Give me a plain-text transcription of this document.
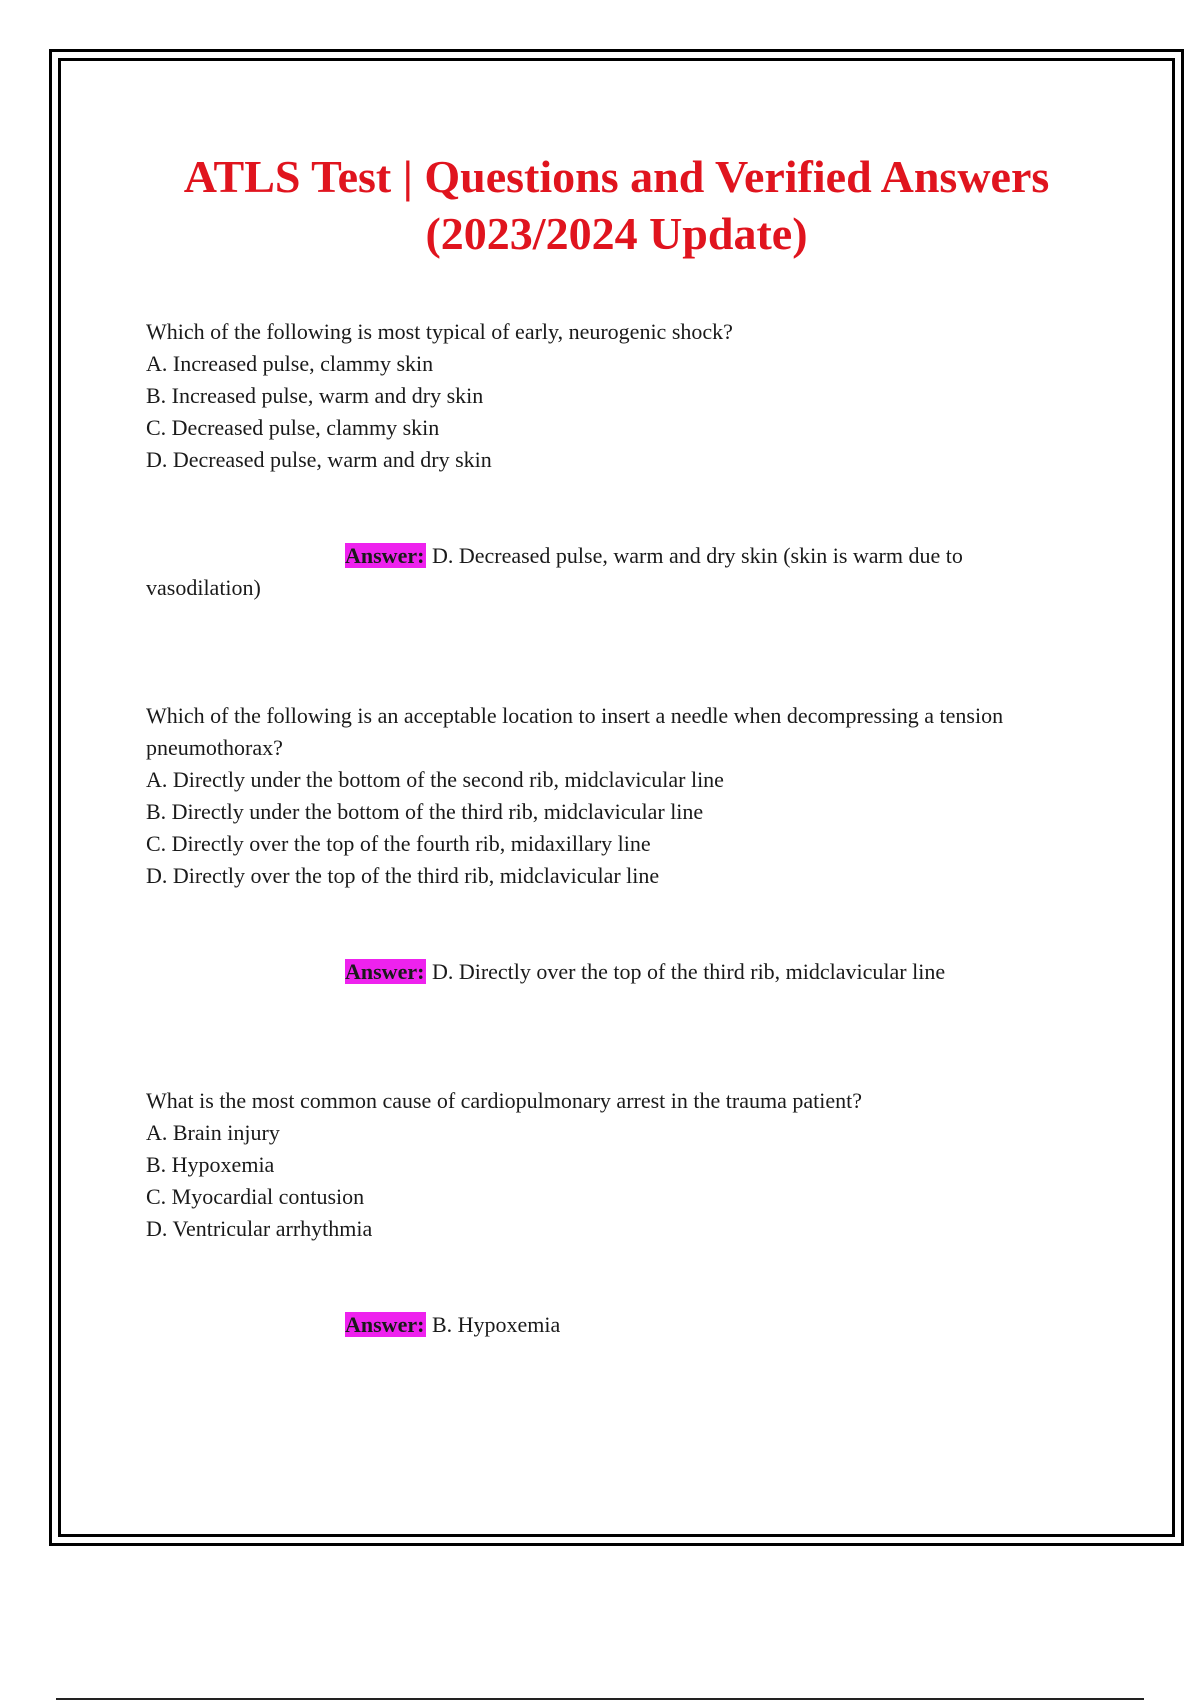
ATLS Test | Questions and Verified Answers
(2023/2024 Update)

Which of the following is most typical of early, neurogenic shock?

A. Increased pulse, clammy skin

B. Increased pulse, warm and dry skin

C. Decreased pulse, clammy skin

D. Decreased pulse, warm and dry skin

Answer: D. Decreased pulse, warm and dry skin (skin is warm due to vasodilation)

Which of the following is an acceptable location to insert a needle when decompressing a tension pneumothorax?

A. Directly under the bottom of the second rib, midclavicular line

B. Directly under the bottom of the third rib, midclavicular line

C. Directly over the top of the fourth rib, midaxillary line

D. Directly over the top of the third rib, midclavicular line

Answer: D. Directly over the top of the third rib, midclavicular line

What is the most common cause of cardiopulmonary arrest in the trauma patient?

A. Brain injury

B. Hypoxemia

C. Myocardial contusion

D. Ventricular arrhythmia

Answer: B. Hypoxemia
